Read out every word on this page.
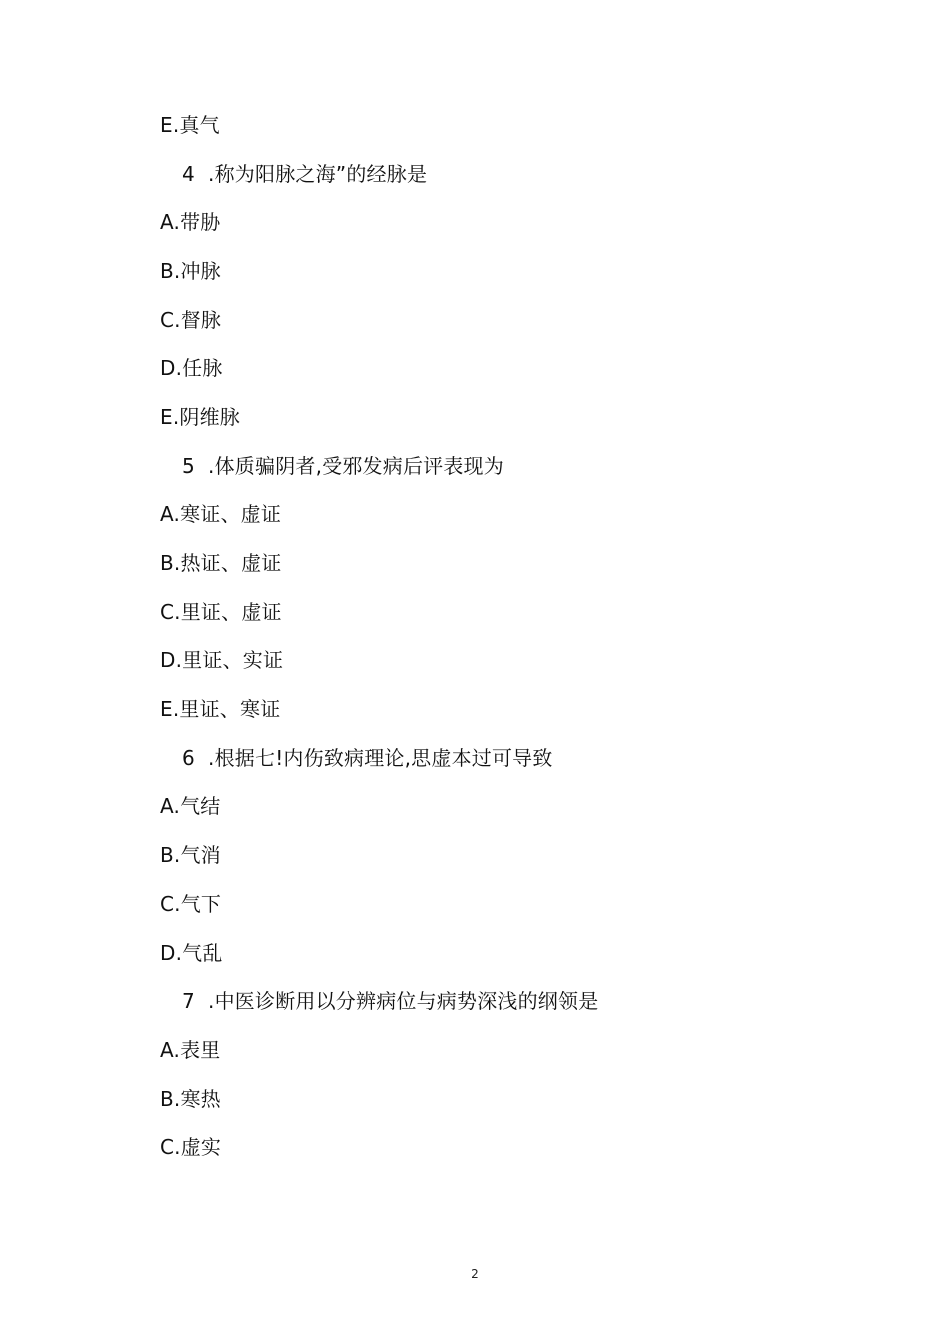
E.真气
4  .称为阳脉之海”的经脉是
A.带胁
B.冲脉
C.督脉
D.任脉
E.阴维脉
5  .体质骗阴者,受邪发病后评表现为
A.寒证、虚证
B.热证、虚证
C.里证、虚证
D.里证、实证
E.里证、寒证
6  .根据七!内伤致病理论,思虚本过可导致
A.气结
B.气消
C.气下
D.气乱
7  .中医诊断用以分辨病位与病势深浅的纲领是
A.表里
B.寒热
C.虚实
2
